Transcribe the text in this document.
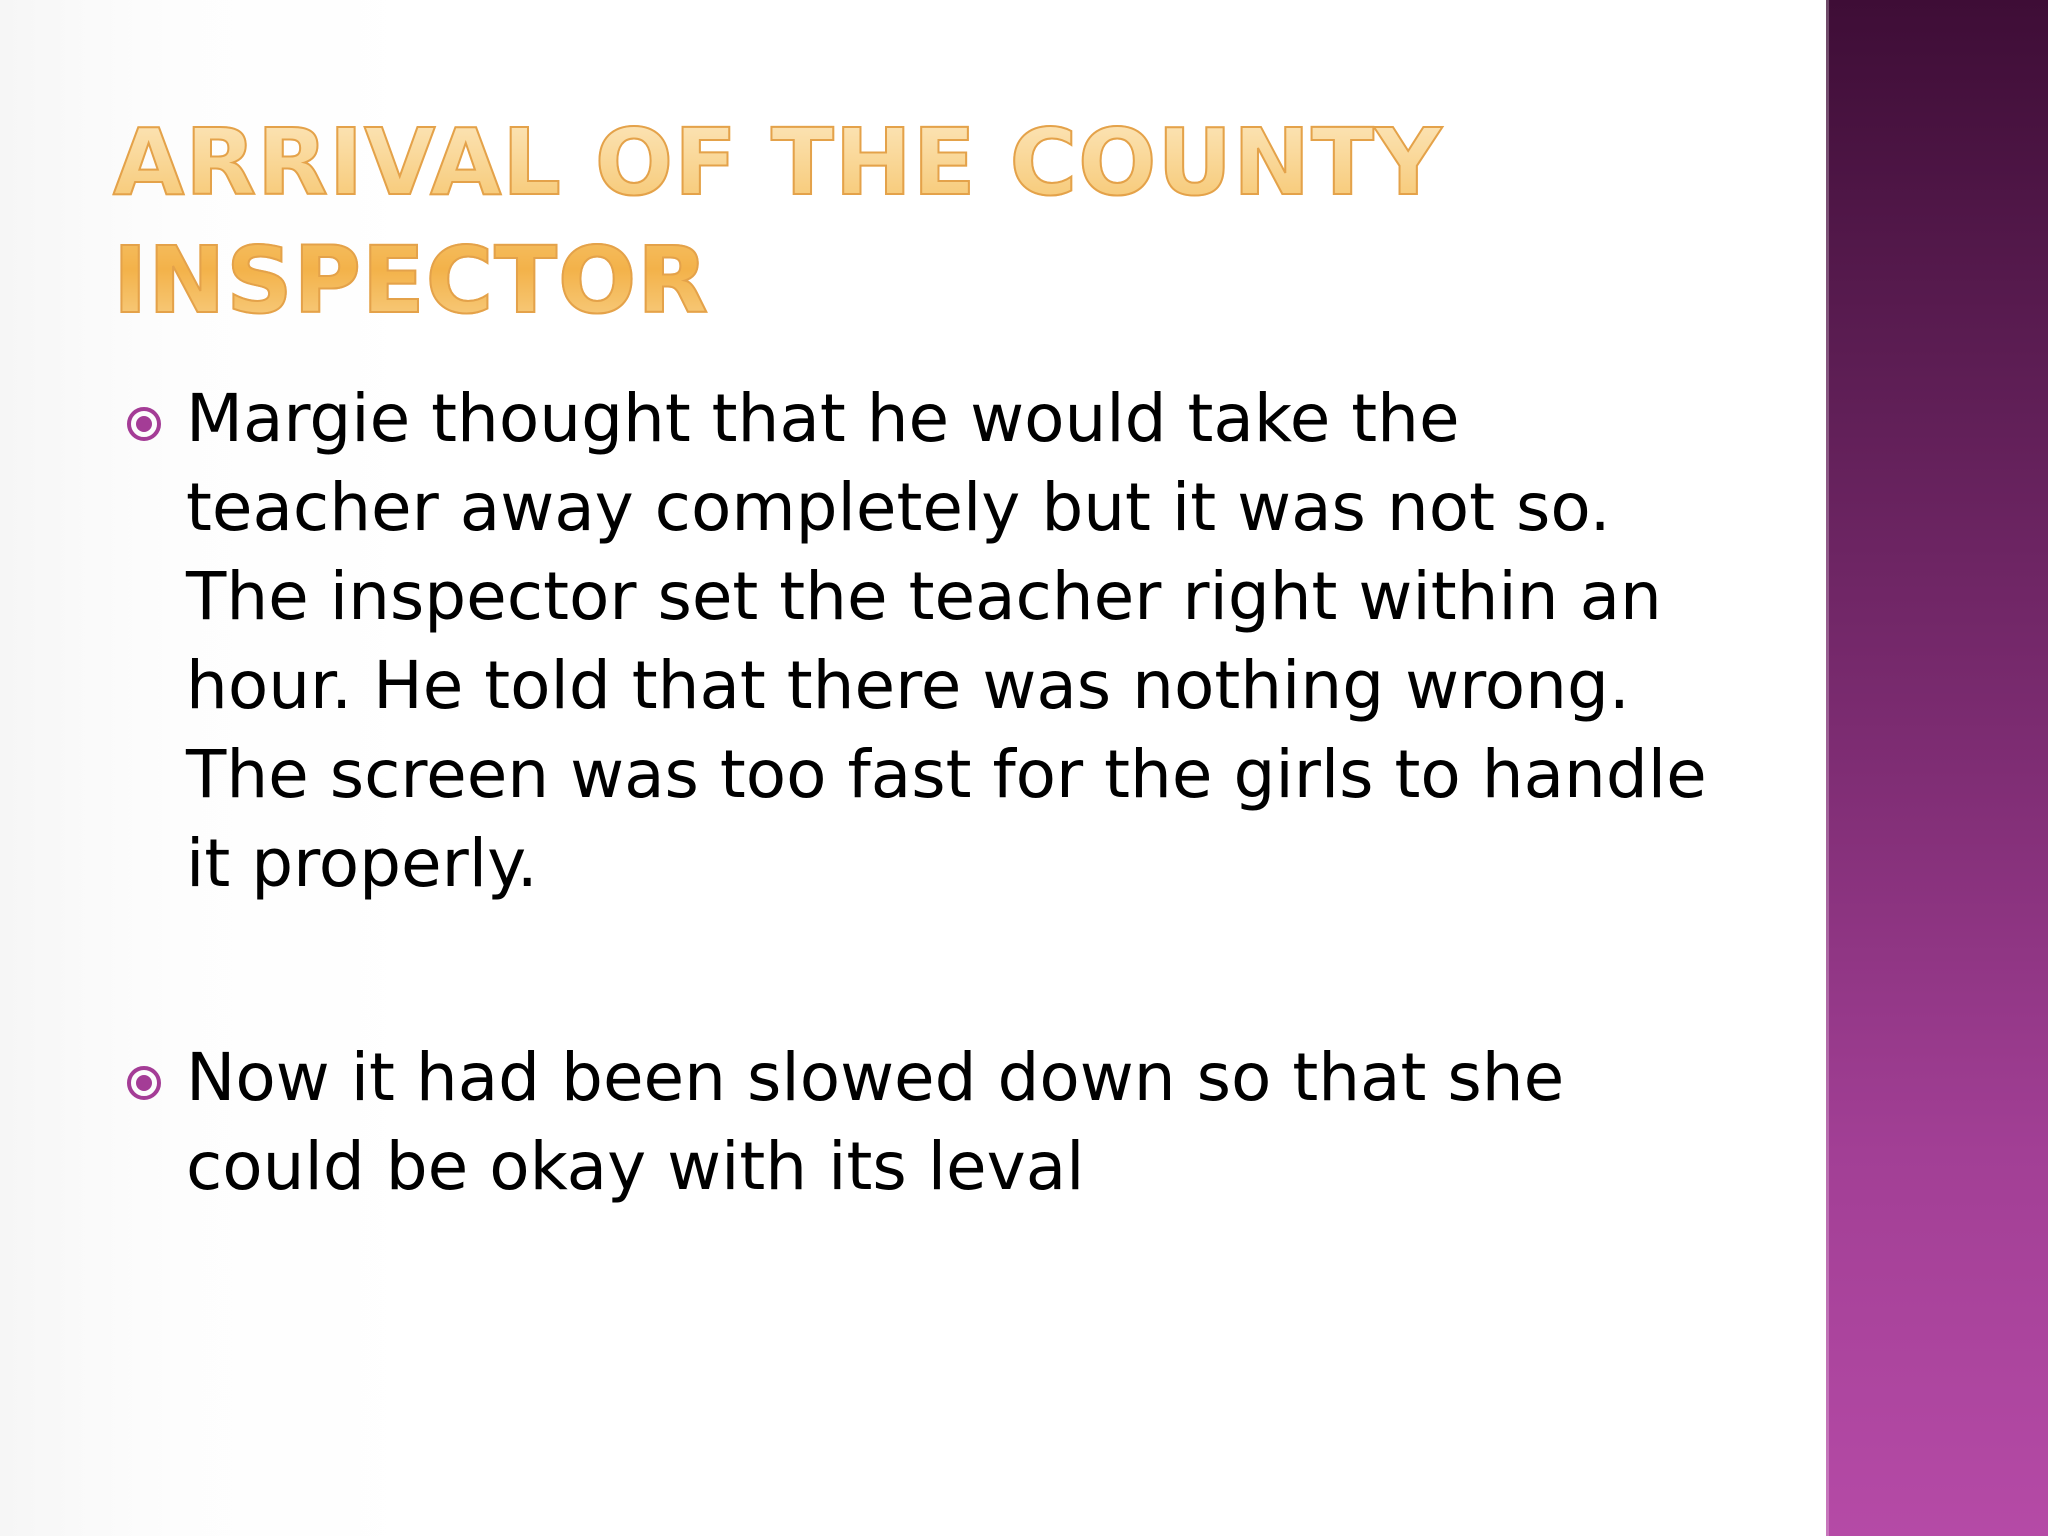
ARRIVAL OF THE COUNTY
INSPECTOR
Margie thought that he would take the teacher away completely but it was not so. The inspector set the teacher right within an hour. He told that there was nothing wrong. The screen was too fast for the girls to handle it properly.
Now it had been slowed down so that she could be okay with its leval
